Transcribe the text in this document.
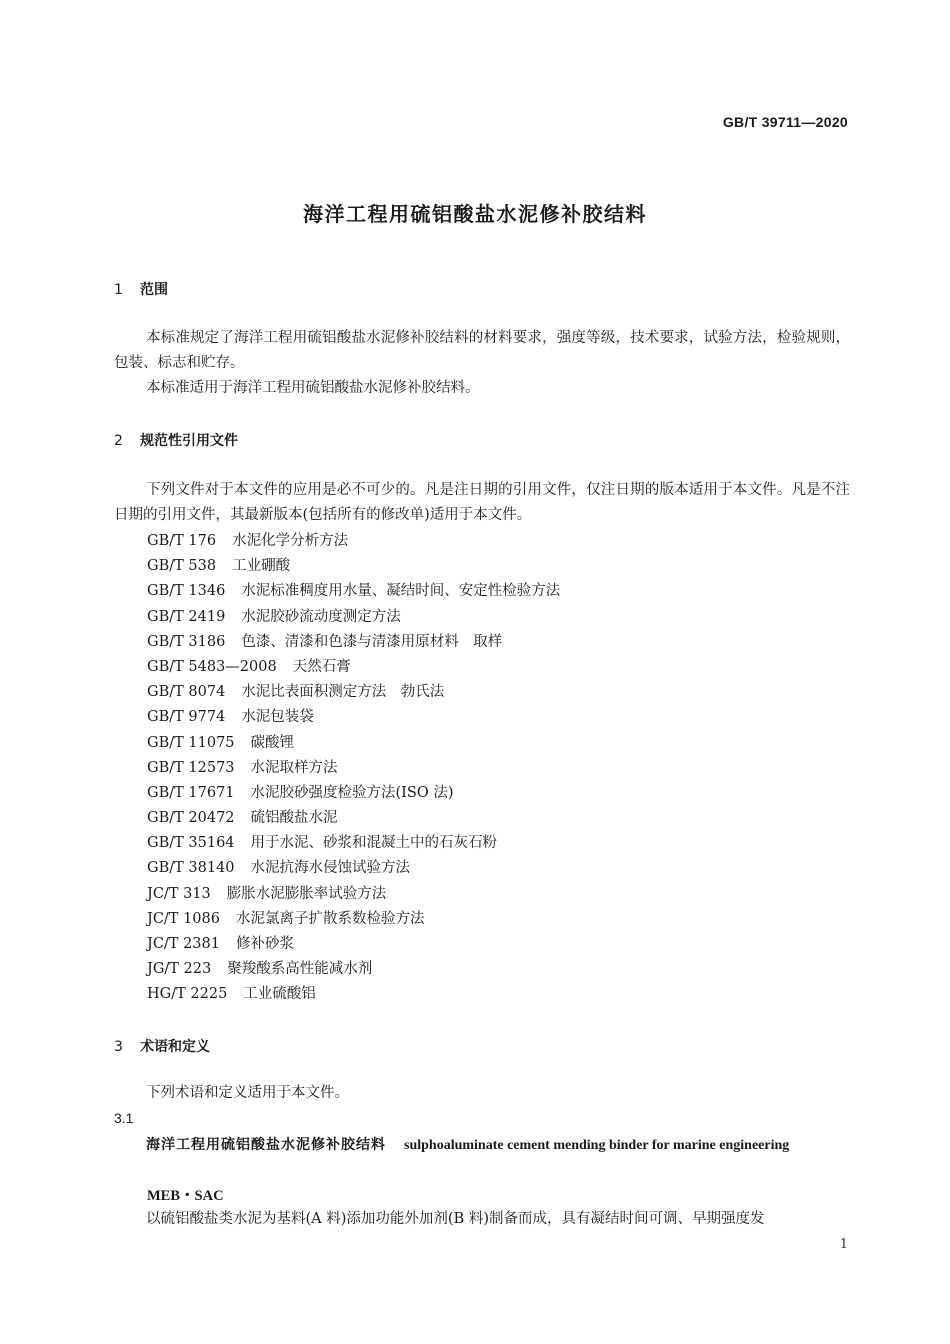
GB/T 39711—2020
海洋工程用硫铝酸盐水泥修补胶结料
1 范围

本标准规定了海洋工程用硫铝酸盐水泥修补胶结料的材料要求，强度等级，技术要求，试验方法，检验规则，包装、标志和贮存。

本标准适用于海洋工程用硫铝酸盐水泥修补胶结料。

2 规范性引用文件

下列文件对于本文件的应用是必不可少的。凡是注日期的引用文件，仅注日期的版本适用于本文件。凡是不注日期的引用文件，其最新版本(包括所有的修改单)适用于本文件。

GB/T 176 水泥化学分析方法
GB/T 538 工业硼酸
GB/T 1346 水泥标准稠度用水量、凝结时间、安定性检验方法
GB/T 2419 水泥胶砂流动度测定方法
GB/T 3186 色漆、清漆和色漆与清漆用原材料　取样
GB/T 5483—2008 天然石膏
GB/T 8074 水泥比表面积测定方法　勃氏法
GB/T 9774 水泥包装袋
GB/T 11075 碳酸锂
GB/T 12573 水泥取样方法
GB/T 17671 水泥胶砂强度检验方法(ISO 法)
GB/T 20472 硫铝酸盐水泥
GB/T 35164 用于水泥、砂浆和混凝土中的石灰石粉
GB/T 38140 水泥抗海水侵蚀试验方法
JC/T 313 膨胀水泥膨胀率试验方法
JC/T 1086 水泥氯离子扩散系数检验方法
JC/T 2381 修补砂浆
JG/T 223 聚羧酸系高性能减水剂
HG/T 2225 工业硫酸铝
3 术语和定义

下列术语和定义适用于本文件。

3.1

海洋工程用硫铝酸盐水泥修补胶结料 sulphoaluminate cement mending binder for marine engineering

MEB・SAC

以硫铝酸盐类水泥为基料(A 料)添加功能外加剂(B 料)制备而成，具有凝结时间可调、早期强度发

1
